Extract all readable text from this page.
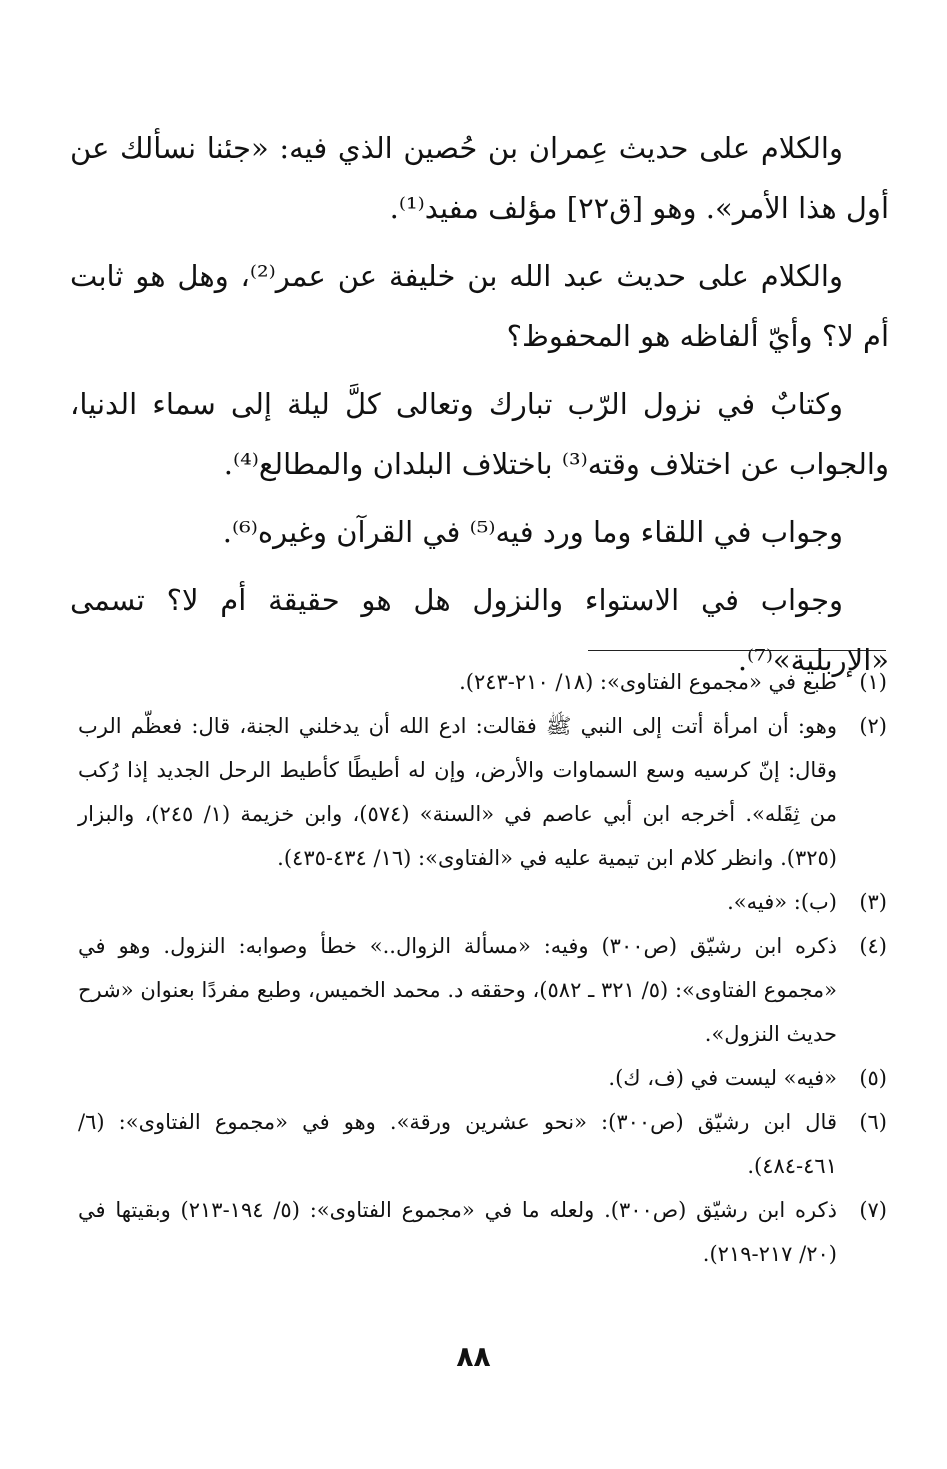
والكلام على حديث عِمران بن حُصين الذي فيه: «جئنا نسألك عن أول هذا الأمر». وهو [ق٢٢] مؤلف مفيد⁽¹⁾.

والكلام على حديث عبد الله بن خليفة عن عمر⁽²⁾، وهل هو ثابت أم لا؟ وأيّ ألفاظه هو المحفوظ؟

وكتابٌ في نزول الرّب تبارك وتعالى كلَّ ليلة إلى سماء الدنيا، والجواب عن اختلاف وقته⁽³⁾ باختلاف البلدان والمطالع⁽⁴⁾.

وجواب في اللقاء وما ورد فيه⁽⁵⁾ في القرآن وغيره⁽⁶⁾.

وجواب في الاستواء والنزول هل هو حقيقة أم لا؟ تسمى «الإربلية»⁽⁷⁾.

(١)
طبع في «مجموع الفتاوى»: (١٨/ ٢١٠-٢٤٣).
(٢)
وهو: أن امرأة أتت إلى النبي ﷺ فقالت: ادع الله أن يدخلني الجنة، قال: فعظّم الرب وقال: إنّ كرسيه وسع السماوات والأرض، وإن له أطيطًا كأطيط الرحل الجديد إذا رُكب من ثِقَله». أخرجه ابن أبي عاصم في «السنة» (٥٧٤)، وابن خزيمة (١/ ٢٤٥)، والبزار (٣٢٥). وانظر كلام ابن تيمية عليه في «الفتاوى»: (١٦/ ٤٣٤-٤٣٥).
(٣)
(ب): «فيه».
(٤)
ذكره ابن رشيّق (ص٣٠٠) وفيه: «مسألة الزوال..» خطأ وصوابه: النزول. وهو في «مجموع الفتاوى»: (٥/ ٣٢١ ـ ٥٨٢)، وحققه د. محمد الخميس، وطبع مفردًا بعنوان «شرح حديث النزول».
(٥)
«فيه» ليست في (ف، ك).
(٦)
قال ابن رشيّق (ص٣٠٠): «نحو عشرين ورقة». وهو في «مجموع الفتاوى»: (٦/ ٤٦١-٤٨٤).
(٧)
ذكره ابن رشيّق (ص٣٠٠). ولعله ما في «مجموع الفتاوى»: (٥/ ١٩٤-٢١٣) وبقيتها في (٢٠/ ٢١٧-٢١٩).
٨٨
